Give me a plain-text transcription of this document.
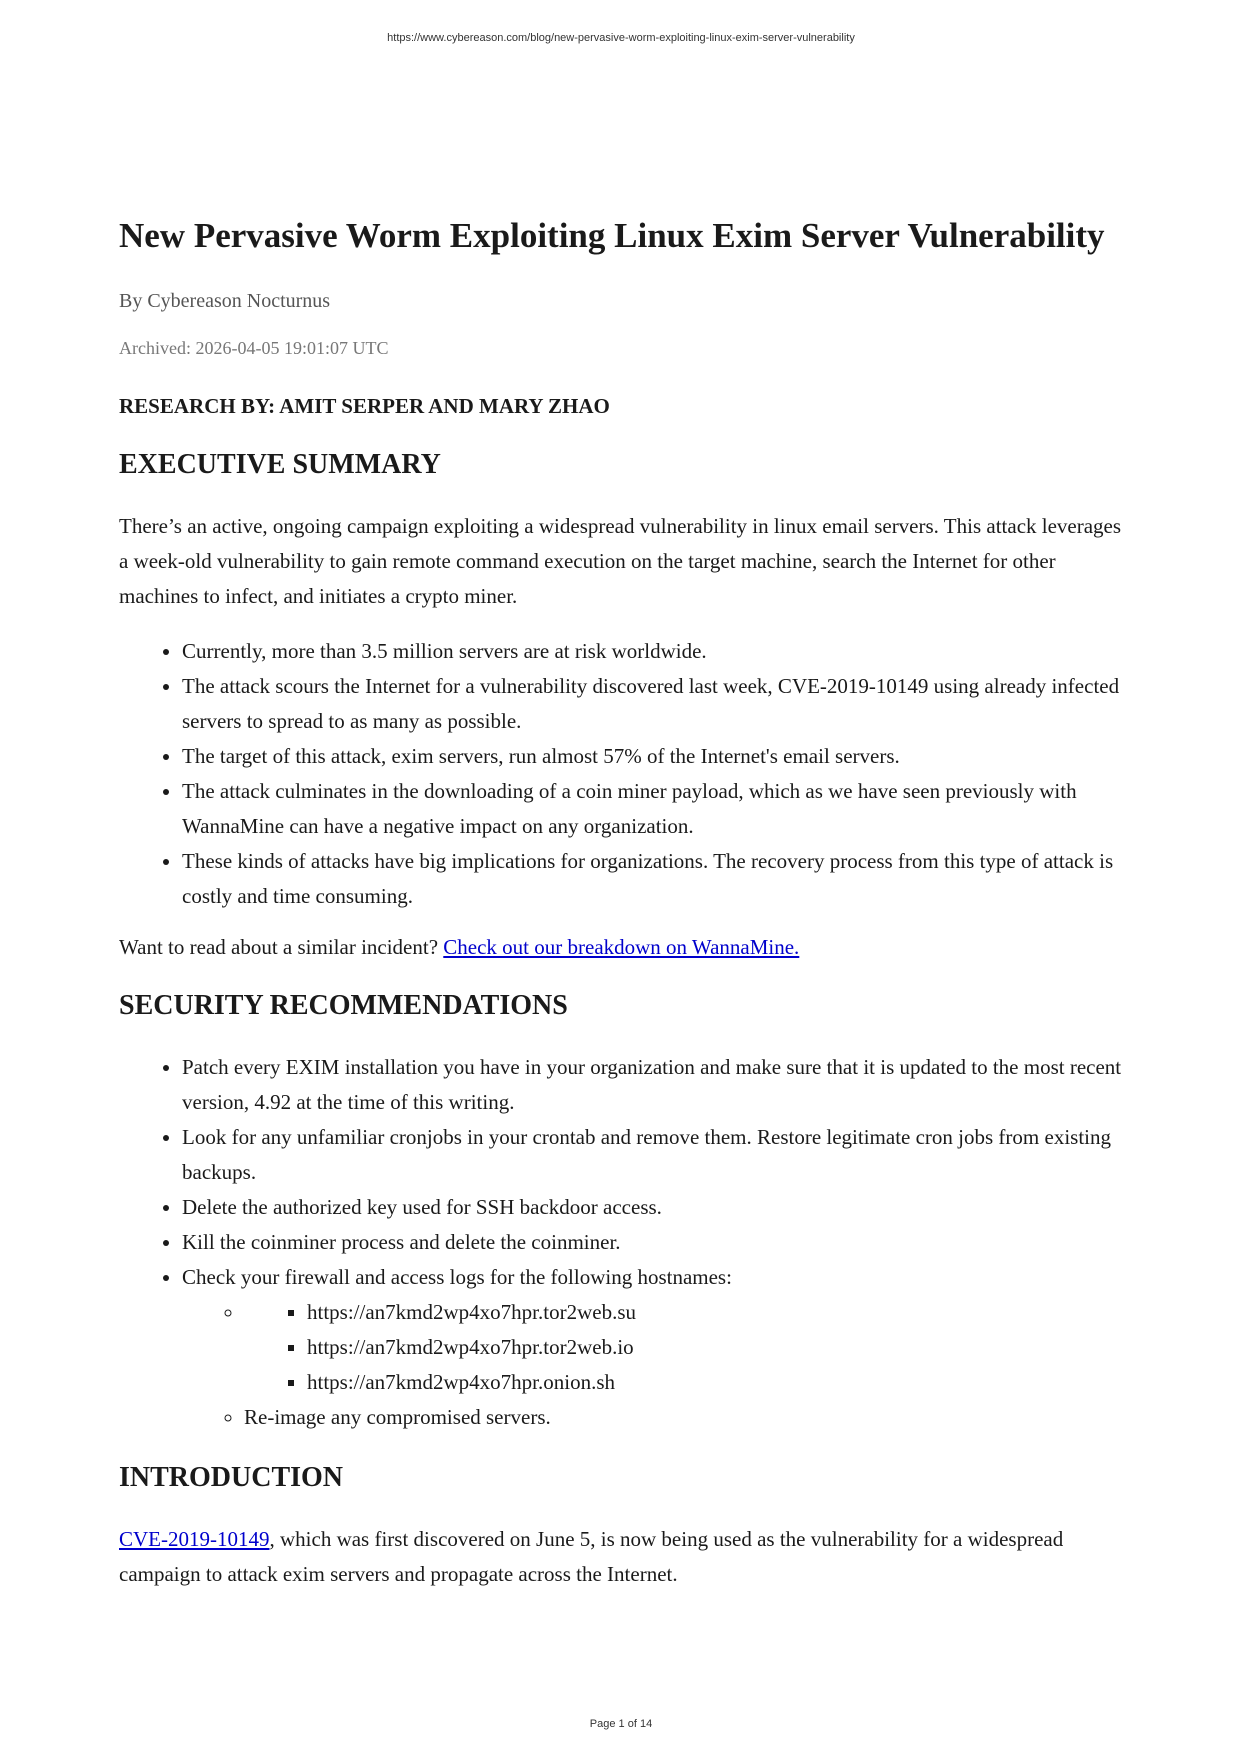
https://www.cybereason.com/blog/new-pervasive-worm-exploiting-linux-exim-server-vulnerability
New Pervasive Worm Exploiting Linux Exim Server Vulnerability
By Cybereason Nocturnus
Archived: 2026-04-05 19:01:07 UTC
RESEARCH BY: AMIT SERPER AND MARY ZHAO
EXECUTIVE SUMMARY

There’s an active, ongoing campaign exploiting a widespread vulnerability in linux email servers. This attack leverages a week-old vulnerability to gain remote command execution on the target machine, search the Internet for other machines to infect, and initiates a crypto miner.

• Currently, more than 3.5 million servers are at risk worldwide.
• The attack scours the Internet for a vulnerability discovered last week, CVE-2019-10149 using already infected servers to spread to as many as possible.
• The target of this attack, exim servers, run almost 57% of the Internet's email servers.
• The attack culminates in the downloading of a coin miner payload, which as we have seen previously with WannaMine can have a negative impact on any organization.
• These kinds of attacks have big implications for organizations. The recovery process from this type of attack is costly and time consuming.

Want to read about a similar incident? Check out our breakdown on WannaMine.

SECURITY RECOMMENDATIONS
• Patch every EXIM installation you have in your organization and make sure that it is updated to the most recent version, 4.92 at the time of this writing.
• Look for any unfamiliar cronjobs in your crontab and remove them. Restore legitimate cron jobs from existing backups.
• Delete the authorized key used for SSH backdoor access.
• Kill the coinminer process and delete the coinminer.
• Check your firewall and access logs for the following hostnames:
▪ ◦ https://an7kmd2wp4xo7hpr.tor2web.su
▪ https://an7kmd2wp4xo7hpr.tor2web.io
▪ https://an7kmd2wp4xo7hpr.onion.sh
◦ Re-image any compromised servers.
INTRODUCTION

CVE-2019-10149, which was first discovered on June 5, is now being used as the vulnerability for a widespread campaign to attack exim servers and propagate across the Internet.

Page 1 of 14
